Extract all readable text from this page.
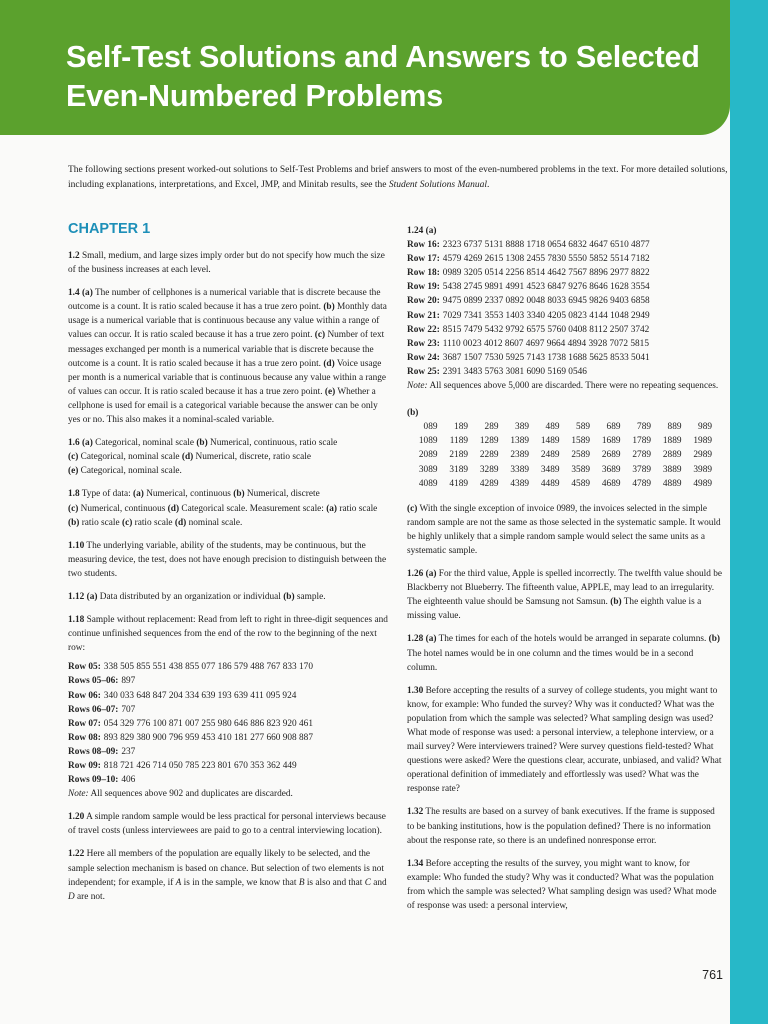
Self-Test Solutions and Answers to Selected Even-Numbered Problems

The following sections present worked-out solutions to Self-Test Problems and brief answers to most of the even-numbered problems in the text. For more detailed solutions, including explanations, interpretations, and Excel, JMP, and Minitab results, see the Student Solutions Manual.

CHAPTER 1

1.2 Small, medium, and large sizes imply order but do not specify how much the size of the business increases at each level.

1.4 (a) The number of cellphones is a numerical variable that is discrete because the outcome is a count. It is ratio scaled because it has a true zero point. (b) Monthly data usage is a numerical variable that is continuous because any value within a range of values can occur. It is ratio scaled because it has a true zero point. (c) Number of text messages exchanged per month is a numerical variable that is discrete because the outcome is a count. It is ratio scaled because it has a true zero point. (d) Voice usage per month is a numerical variable that is continuous because any value within a range of values can occur. It is ratio scaled because it has a true zero point. (e) Whether a cellphone is used for email is a categorical variable because the answer can be only yes or no. This also makes it a nominal-scaled variable.

1.6 (a) Categorical, nominal scale (b) Numerical, continuous, ratio scale
(c) Categorical, nominal scale (d) Numerical, discrete, ratio scale
(e) Categorical, nominal scale.

1.8 Type of data: (a) Numerical, continuous (b) Numerical, discrete
(c) Numerical, continuous (d) Categorical scale. Measurement scale: (a) ratio scale (b) ratio scale (c) ratio scale (d) nominal scale.

1.10 The underlying variable, ability of the students, may be continuous, but the measuring device, the test, does not have enough precision to distinguish between the two students.

1.12 (a) Data distributed by an organization or individual (b) sample.

1.18 Sample without replacement: Read from left to right in three-digit sequences and continue unfinished sequences from the end of the row to the beginning of the next row:

Row 05: 338 505 855 551 438 855 077 186 579 488 767 833 170

Rows 05–06: 897

Row 06: 340 033 648 847 204 334 639 193 639 411 095 924

Rows 06–07: 707

Row 07: 054 329 776 100 871 007 255 980 646 886 823 920 461

Row 08: 893 829 380 900 796 959 453 410 181 277 660 908 887

Rows 08–09: 237

Row 09: 818 721 426 714 050 785 223 801 670 353 362 449

Rows 09–10: 406

Note: All sequences above 902 and duplicates are discarded.

1.20 A simple random sample would be less practical for personal interviews because of travel costs (unless interviewees are paid to go to a central interviewing location).

1.22 Here all members of the population are equally likely to be selected, and the sample selection mechanism is based on chance. But selection of two elements is not independent; for example, if A is in the sample, we know that B is also and that C and D are not.

1.24 (a)

Row 16: 2323 6737 5131 8888 1718 0654 6832 4647 6510 4877

Row 17: 4579 4269 2615 1308 2455 7830 5550 5852 5514 7182

Row 18: 0989 3205 0514 2256 8514 4642 7567 8896 2977 8822

Row 19: 5438 2745 9891 4991 4523 6847 9276 8646 1628 3554

Row 20: 9475 0899 2337 0892 0048 8033 6945 9826 9403 6858

Row 21: 7029 7341 3553 1403 3340 4205 0823 4144 1048 2949

Row 22: 8515 7479 5432 9792 6575 5760 0408 8112 2507 3742

Row 23: 1110 0023 4012 8607 4697 9664 4894 3928 7072 5815

Row 24: 3687 1507 7530 5925 7143 1738 1688 5625 8533 5041

Row 25: 2391 3483 5763 3081 6090 5169 0546

Note: All sequences above 5,000 are discarded. There were no repeating sequences.

(b)

089	189	289	389	489	589	689	789	889	989
1089	1189	1289	1389	1489	1589	1689	1789	1889	1989
2089	2189	2289	2389	2489	2589	2689	2789	2889	2989
3089	3189	3289	3389	3489	3589	3689	3789	3889	3989
4089	4189	4289	4389	4489	4589	4689	4789	4889	4989

(c) With the single exception of invoice 0989, the invoices selected in the simple random sample are not the same as those selected in the systematic sample. It would be highly unlikely that a simple random sample would select the same units as a systematic sample.

1.26 (a) For the third value, Apple is spelled incorrectly. The twelfth value should be Blackberry not Blueberry. The fifteenth value, APPLE, may lead to an irregularity. The eighteenth value should be Samsung not Samsun. (b) The eighth value is a missing value.

1.28 (a) The times for each of the hotels would be arranged in separate columns. (b) The hotel names would be in one column and the times would be in a second column.

1.30 Before accepting the results of a survey of college students, you might want to know, for example: Who funded the survey? Why was it conducted? What was the population from which the sample was selected? What sampling design was used? What mode of response was used: a personal interview, a telephone interview, or a mail survey? Were interviewers trained? Were survey questions field-tested? What questions were asked? Were the questions clear, accurate, unbiased, and valid? What operational definition of immediately and effortlessly was used? What was the response rate?

1.32 The results are based on a survey of bank executives. If the frame is supposed to be banking institutions, how is the population defined? There is no information about the response rate, so there is an undefined nonresponse error.

1.34 Before accepting the results of the survey, you might want to know, for example: Who funded the study? Why was it conducted? What was the population from which the sample was selected? What sampling design was used? What mode of response was used: a personal interview,

761
